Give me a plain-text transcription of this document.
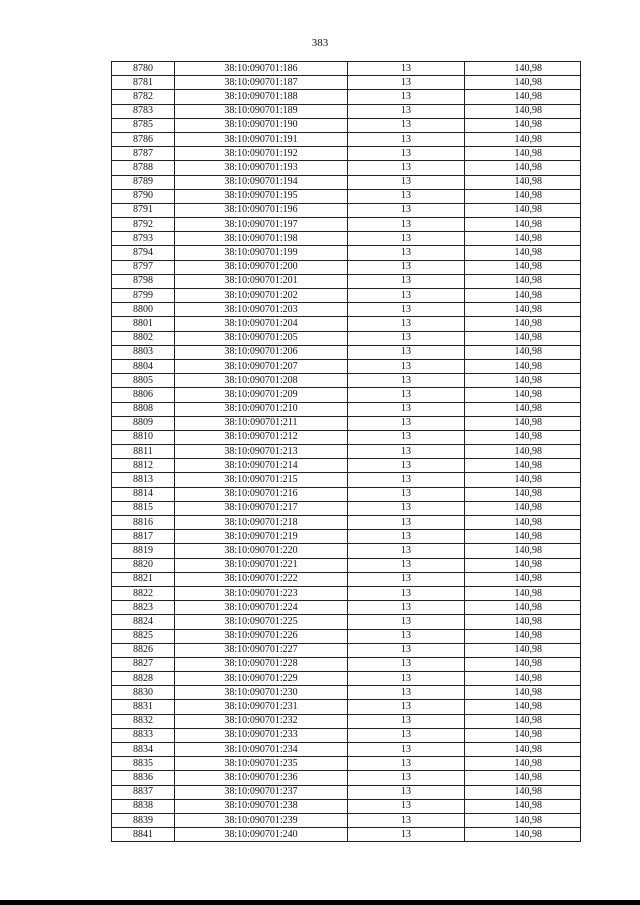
383
8780	38:10:090701:186	13	140,98
8781	38:10:090701:187	13	140,98
8782	38:10:090701:188	13	140,98
8783	38:10:090701:189	13	140,98
8785	38:10:090701:190	13	140,98
8786	38:10:090701:191	13	140,98
8787	38:10:090701:192	13	140,98
8788	38:10:090701:193	13	140,98
8789	38:10:090701:194	13	140,98
8790	38:10:090701:195	13	140,98
8791	38:10:090701:196	13	140,98
8792	38:10:090701:197	13	140,98
8793	38:10:090701:198	13	140,98
8794	38:10:090701:199	13	140,98
8797	38:10:090701:200	13	140,98
8798	38:10:090701:201	13	140,98
8799	38:10:090701:202	13	140,98
8800	38:10:090701:203	13	140,98
8801	38:10:090701:204	13	140,98
8802	38:10:090701:205	13	140,98
8803	38:10:090701:206	13	140,98
8804	38:10:090701:207	13	140,98
8805	38:10:090701:208	13	140,98
8806	38:10:090701:209	13	140,98
8808	38:10:090701:210	13	140,98
8809	38:10:090701:211	13	140,98
8810	38:10:090701:212	13	140,98
8811	38:10:090701:213	13	140,98
8812	38:10:090701:214	13	140,98
8813	38:10:090701:215	13	140,98
8814	38:10:090701:216	13	140,98
8815	38:10:090701:217	13	140,98
8816	38:10:090701:218	13	140,98
8817	38:10:090701:219	13	140,98
8819	38:10:090701:220	13	140,98
8820	38:10:090701:221	13	140,98
8821	38:10:090701:222	13	140,98
8822	38:10:090701:223	13	140,98
8823	38:10:090701:224	13	140,98
8824	38:10:090701:225	13	140,98
8825	38:10:090701:226	13	140,98
8826	38:10:090701:227	13	140,98
8827	38:10:090701:228	13	140,98
8828	38:10:090701:229	13	140,98
8830	38:10:090701:230	13	140,98
8831	38:10:090701:231	13	140,98
8832	38:10:090701:232	13	140,98
8833	38:10:090701:233	13	140,98
8834	38:10:090701:234	13	140,98
8835	38:10:090701:235	13	140,98
8836	38:10:090701:236	13	140,98
8837	38:10:090701:237	13	140,98
8838	38:10:090701:238	13	140,98
8839	38:10:090701:239	13	140,98
8841	38:10:090701:240	13	140,98
